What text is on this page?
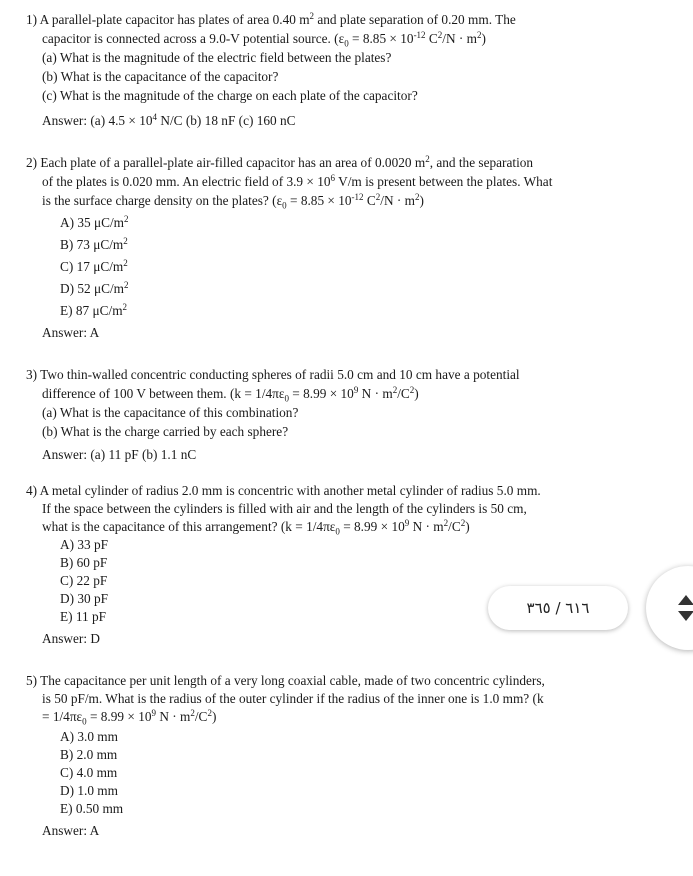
1) A parallel-plate capacitor has plates of area 0.40 $m^2$ and plate separation of 0.20 mm. The
capacitor is connected across a 9.0-V potential source. ($\varepsilon_0 = 8.85 \times 10^{-12}$ $C^2/N \cdot m^2$)
(a) What is the magnitude of the electric field between the plates?
(b) What is the capacitance of the capacitor?
(c) What is the magnitude of the charge on each plate of the capacitor?
Answer: (a) $4.5 \times 10^4$ N/C (b) 18 nF (c) 160 nC
2) Each plate of a parallel-plate air-filled capacitor has an area of 0.0020 $m^2$, and the separation
of the plates is 0.020 mm. An electric field of $3.9 \times 10^6$ V/m is present between the plates. What
is the surface charge density on the plates? ($\varepsilon_0 = 8.85 \times 10^{-12}$ $C^2/N \cdot m^2$)
A) 35 $\mu C/m^2$
B) 73 $\mu C/m^2$
C) 17 $\mu C/m^2$
D) 52 $\mu C/m^2$
E) 87 $\mu C/m^2$
Answer: A
3) Two thin-walled concentric conducting spheres of radii 5.0 cm and 10 cm have a potential
difference of 100 V between them. ($k = 1/4\pi\varepsilon_0 = 8.99 \times 10^9$ $N \cdot m^2/C^2$)
(a) What is the capacitance of this combination?
(b) What is the charge carried by each sphere?
Answer: (a) 11 pF (b) 1.1 nC
4) A metal cylinder of radius 2.0 mm is concentric with another metal cylinder of radius 5.0 mm.
If the space between the cylinders is filled with air and the length of the cylinders is 50 cm,
what is the capacitance of this arrangement? ($k = 1/4\pi\varepsilon_0 = 8.99 \times 10^9$ $N \cdot m^2/C^2$)
A) 33 pF
B) 60 pF
C) 22 pF
D) 30 pF
E) 11 pF
Answer: D
5) The capacitance per unit length of a very long coaxial cable, made of two concentric cylinders,
is 50 pF/m. What is the radius of the outer cylinder if the radius of the inner one is 1.0 mm? (k
= $1/4\pi\varepsilon_0 = 8.99 \times 10^9$ $N \cdot m^2/C^2$)
A) 3.0 mm
B) 2.0 mm
C) 4.0 mm
D) 1.0 mm
E) 0.50 mm
Answer: A
٦١٦ / ٣٦٥
